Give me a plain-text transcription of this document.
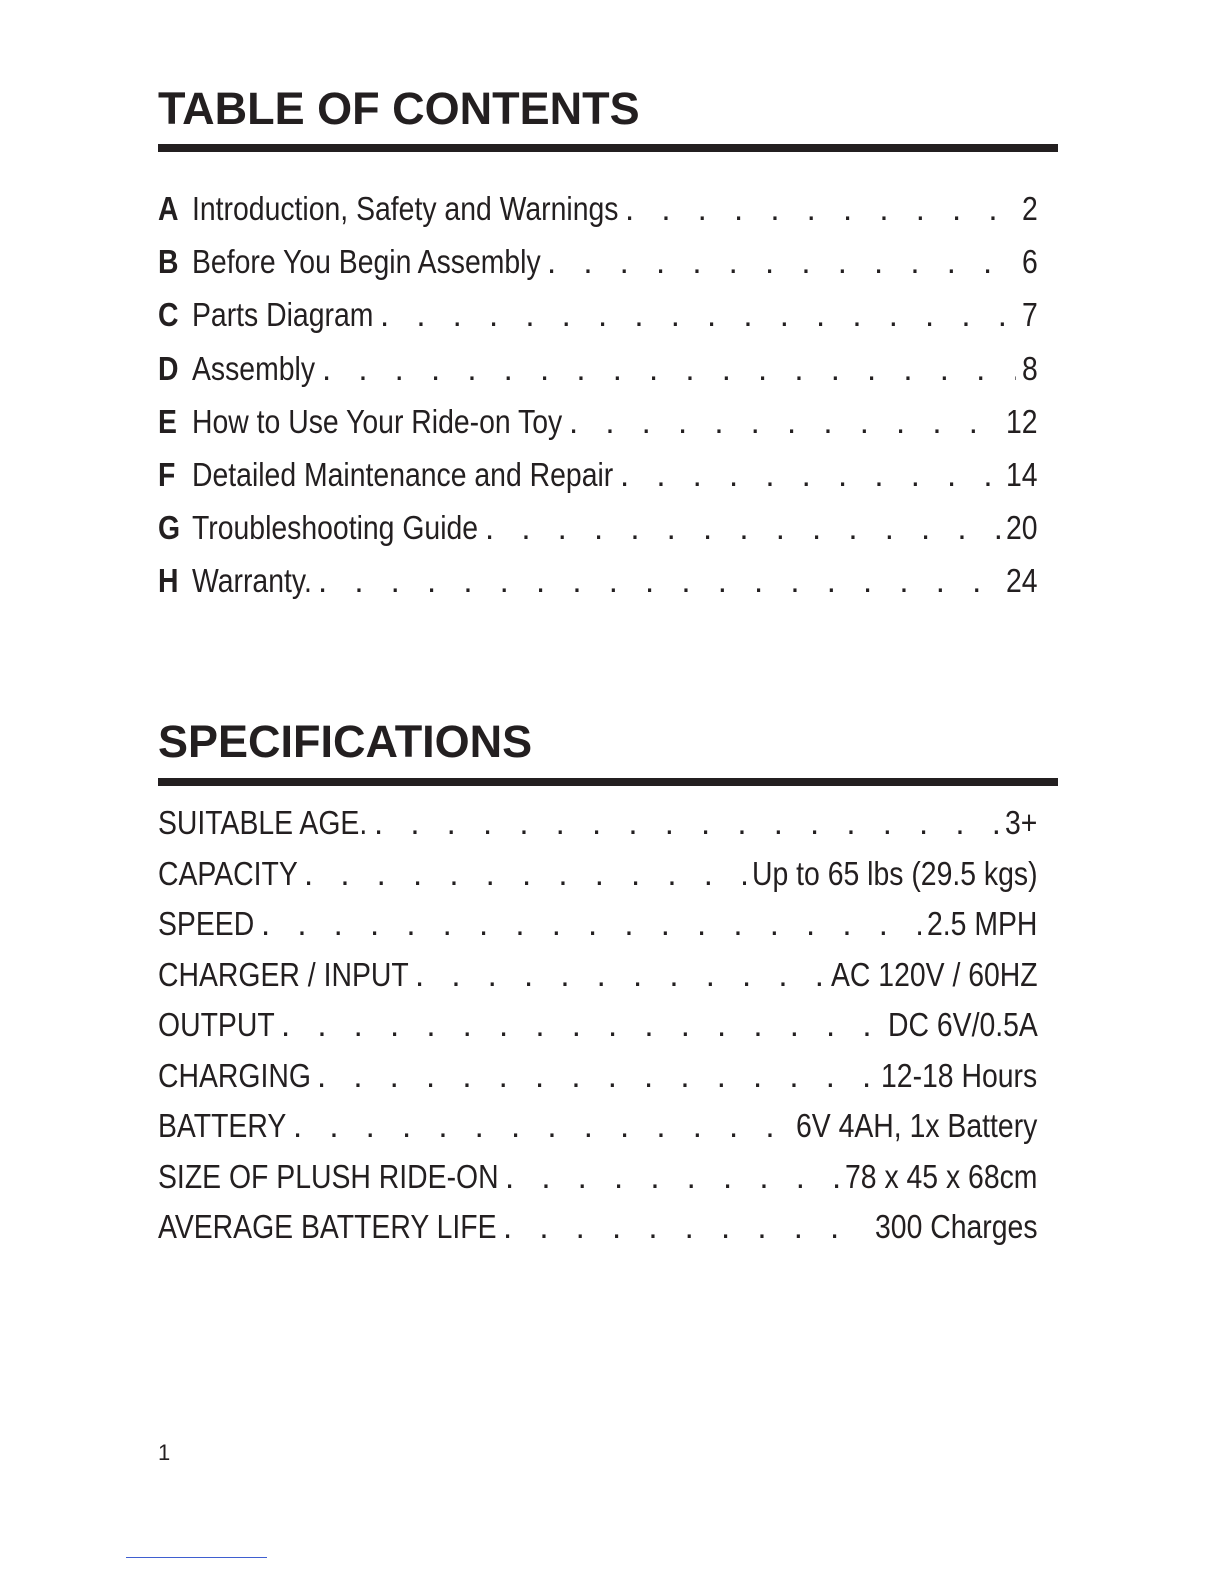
TABLE OF CONTENTS
A Introduction, Safety and Warnings . . .	2
B Before You Begin Assembly . . .	6
C Parts Diagram . . .	7
D Assembly . . .	8
E How to Use Your Ride-on Toy . . .	12
F Detailed Maintenance and Repair . . .	14
G Troubleshooting Guide . . .	20
H Warranty. . . .	24
SPECIFICATIONS
SUITABLE AGE. . . .	3+
CAPACITY . . .	Up to 65 lbs (29.5 kgs)
SPEED . . .	2.5 MPH
CHARGER / INPUT . . .	AC 120V / 60HZ
OUTPUT . . .	DC 6V/0.5A
CHARGING . . .	12-18 Hours
BATTERY . . .	6V 4AH, 1x Battery
SIZE OF PLUSH RIDE-ON . . .	78 x 45 x 68cm
AVERAGE BATTERY LIFE . . .	300 Charges
1
